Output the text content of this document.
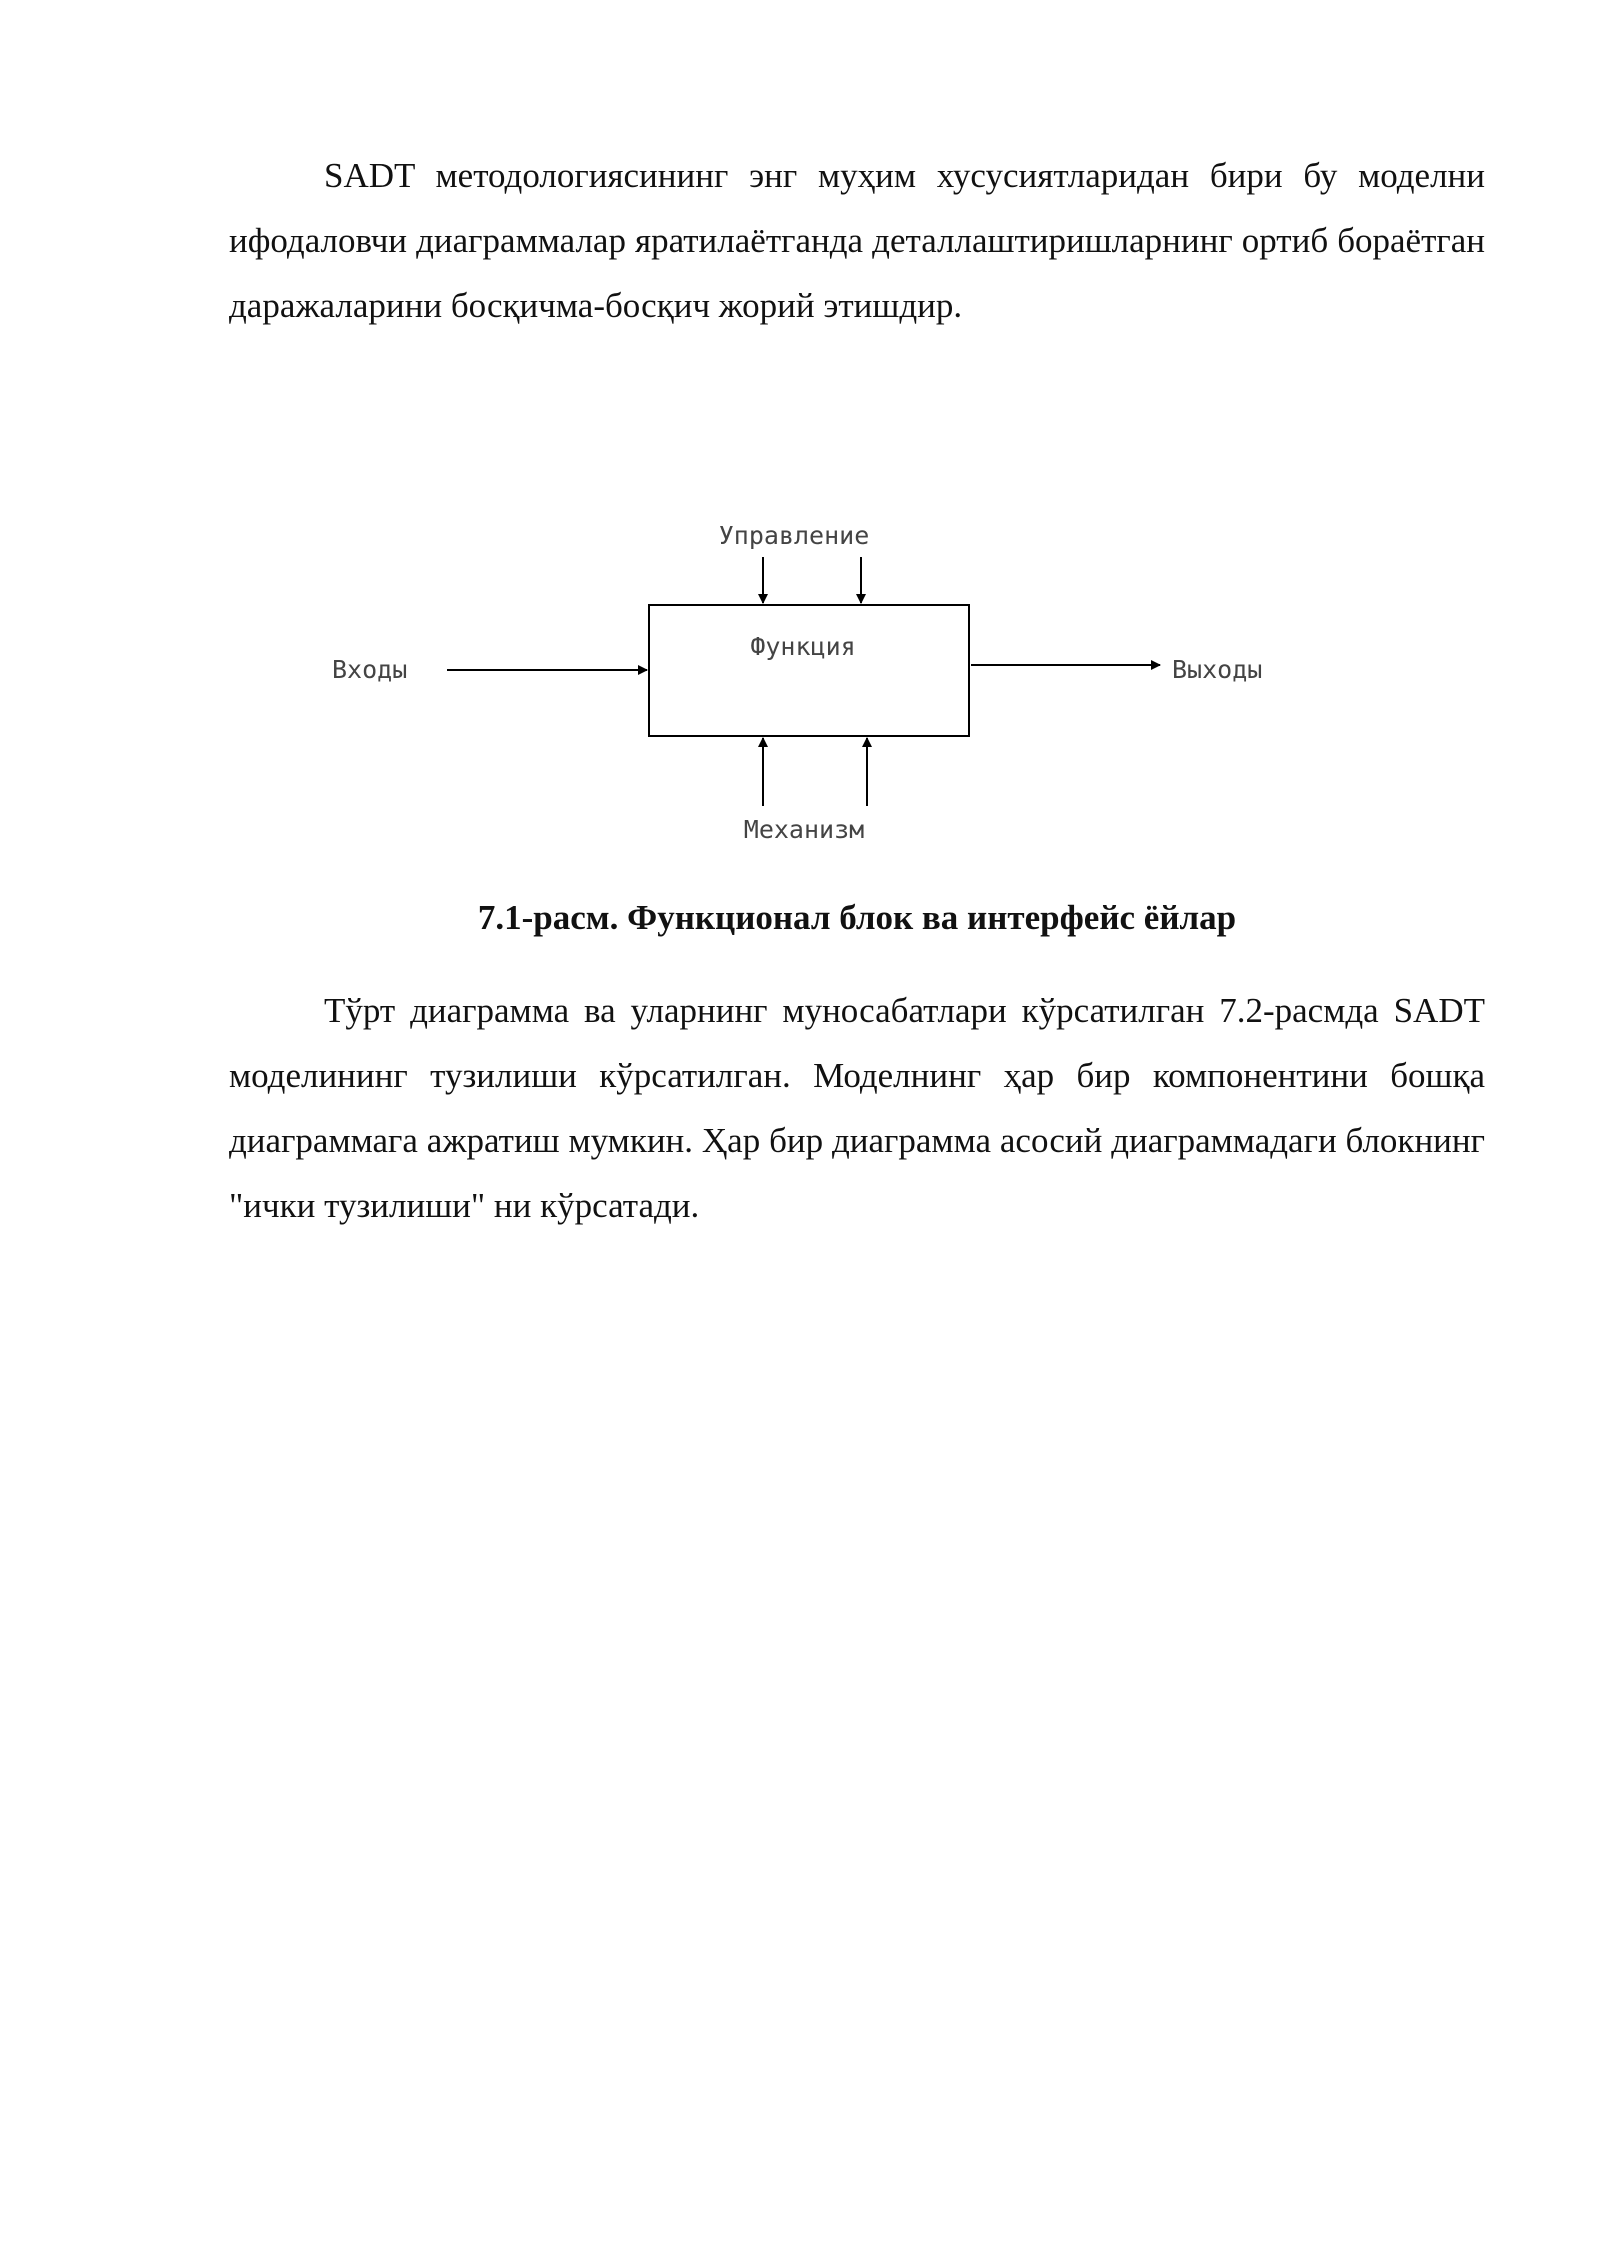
SADT методологиясининг энг муҳим хусусиятларидан бири бу моделни ифодаловчи диаграммалар яратилаётганда деталлаштиришларнинг ортиб бораётган даражаларини босқичма-босқич жорий этишдир.

Управление
Функция
Входы	Выходы
Механизм

7.1-расм. Функционал блок ва интерфейс ёйлар

Тўрт диаграмма ва уларнинг муносабатлари кўрсатилган 7.2-расмда SADT моделининг тузилиши кўрсатилган. Моделнинг ҳар бир компонентини бошқа диаграммага ажратиш мумкин. Ҳар бир диаграмма асосий диаграммадаги блокнинг "ички тузилиши" ни кўрсатади.
